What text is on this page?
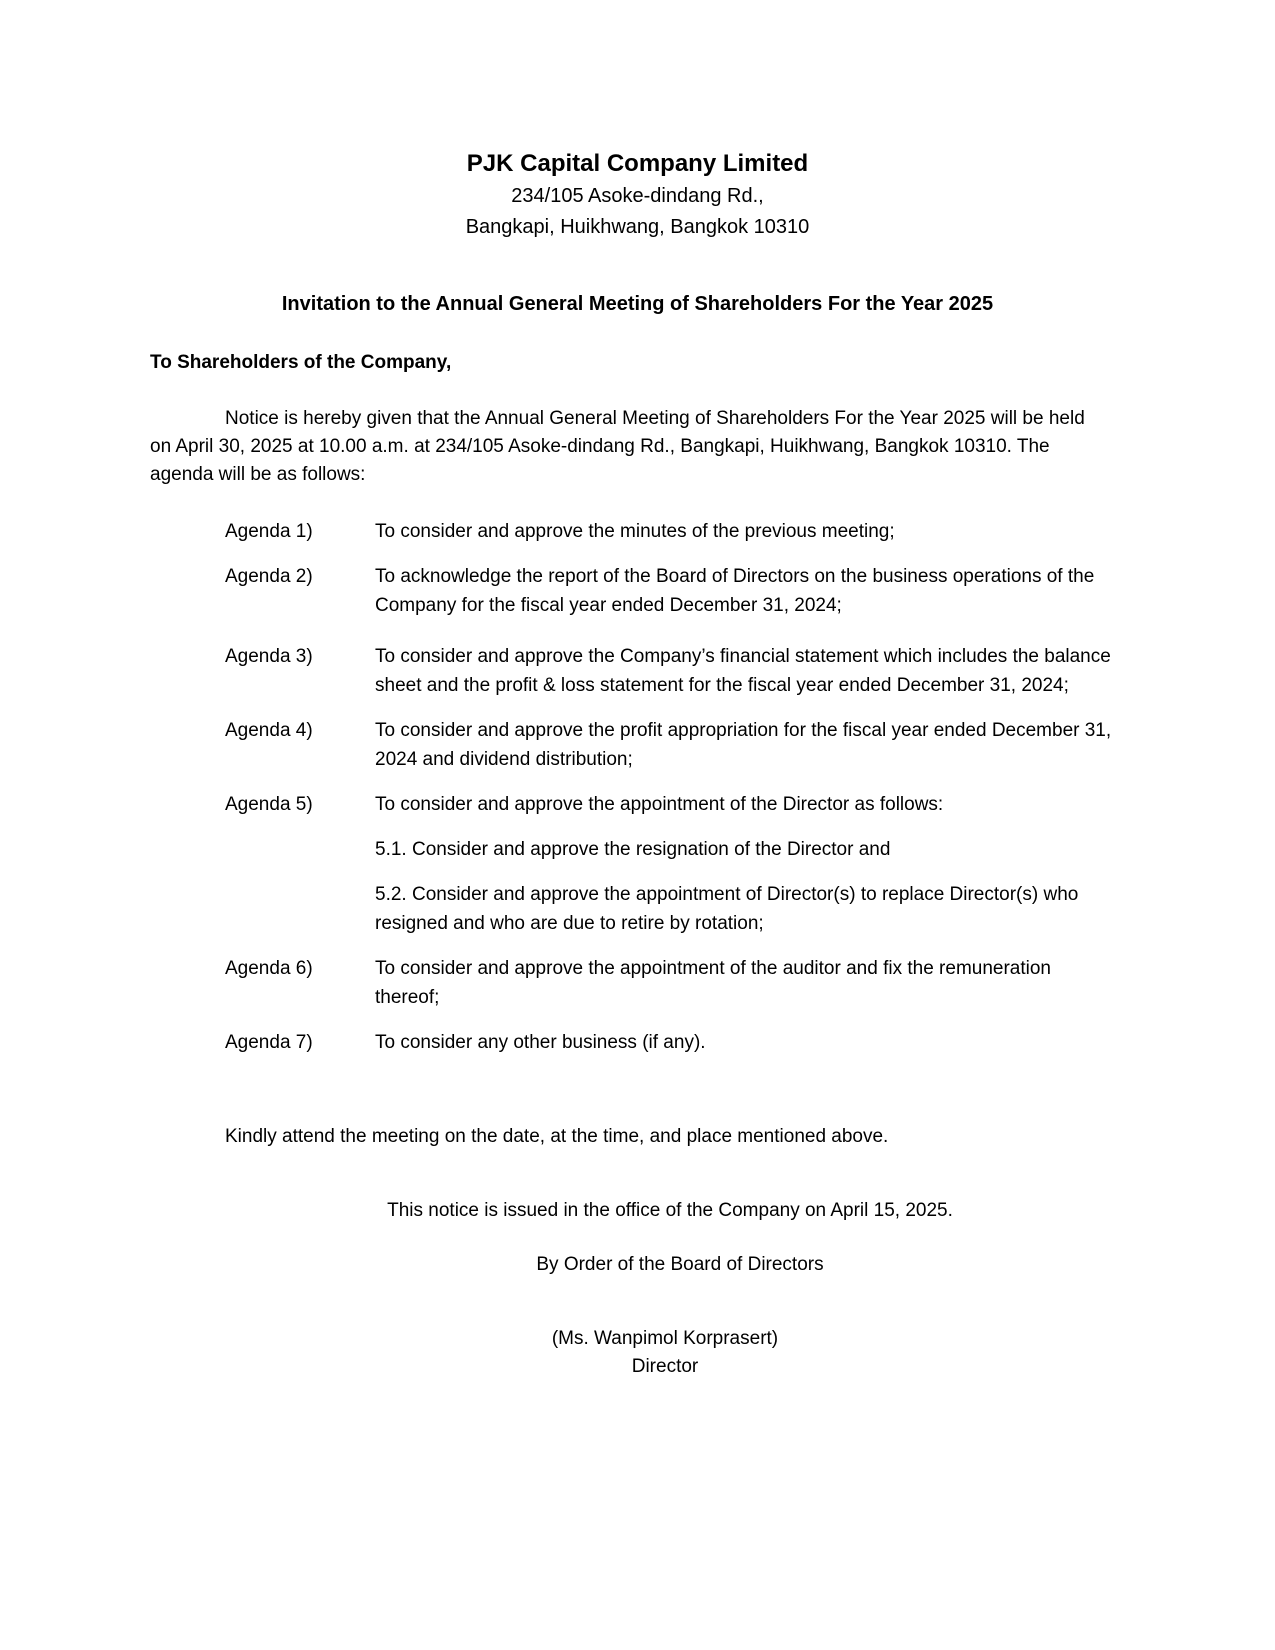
PJK Capital Company Limited
234/105 Asoke-dindang Rd.,
Bangkapi, Huikhwang, Bangkok 10310
Invitation to the Annual General Meeting of Shareholders For the Year 2025
To Shareholders of the Company,
Notice is hereby given that the Annual General Meeting of Shareholders For the Year 2025 will be held on April 30, 2025 at 10.00 a.m. at 234/105 Asoke-dindang Rd., Bangkapi, Huikhwang, Bangkok 10310. The agenda will be as follows:
Agenda 1)	To consider and approve the minutes of the previous meeting;
Agenda 2)	To acknowledge the report of the Board of Directors on the business operations of the Company for the fiscal year ended December 31, 2024;
Agenda 3)	To consider and approve the Company’s financial statement which includes the balance sheet and the profit & loss statement for the fiscal year ended December 31, 2024;
Agenda 4)	To consider and approve the profit appropriation for the fiscal year ended December 31, 2024 and dividend distribution;
Agenda 5)	To consider and approve the appointment of the Director as follows:
5.1. Consider and approve the resignation of the Director and
5.2. Consider and approve the appointment of Director(s) to replace Director(s) who resigned and who are due to retire by rotation;
Agenda 6)	To consider and approve the appointment of the auditor and fix the remuneration thereof;
Agenda 7)	To consider any other business (if any).
Kindly attend the meeting on the date, at the time, and place mentioned above.
This notice is issued in the office of the Company on April 15, 2025.
By Order of the Board of Directors
(Ms. Wanpimol Korprasert)
Director
